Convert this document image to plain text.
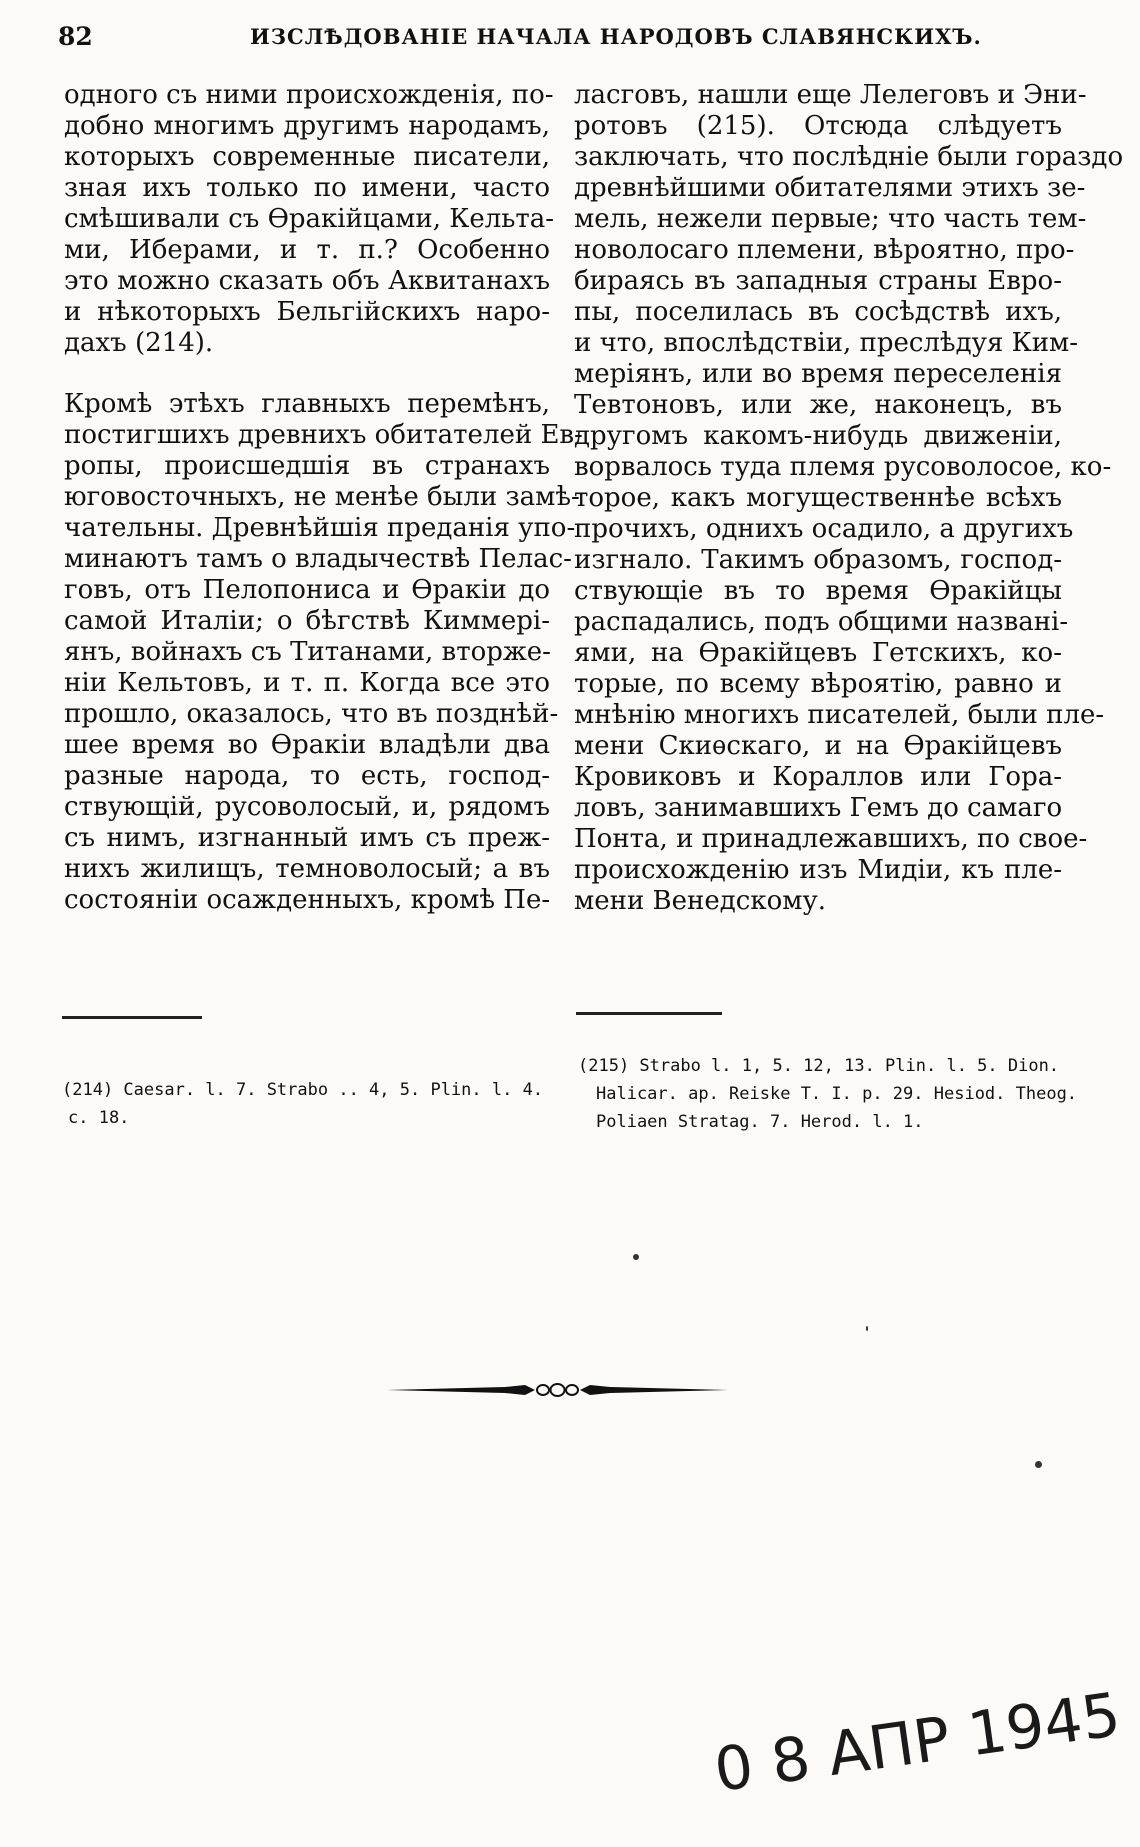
82	ИЗСЛѢДОВАНІЕ НАЧАЛА НАРОДОВЪ СЛАВЯНСКИХЪ.
одного съ ними происхожденія, по-
добно многимъ другимъ народамъ,
которыхъ современные писатели,
зная ихъ только по имени, часто
смѣшивали съ Ѳракійцами, Кельта-
ми, Иберами, и т. п.? Особенно
это можно сказать объ Аквитанахъ
и нѣкоторыхъ Бельгійскихъ наро-
дахъ (214).
Кромѣ этѣхъ главныхъ перемѣнъ,
постигшихъ древнихъ обитателей Ев-
ропы, происшедшія въ странахъ
юговосточныхъ, не менѣе были замѣ-
чательны. Древнѣйшія преданія упо-
минаютъ тамъ о владычествѣ Пелас-
говъ, отъ Пелопониса и Ѳракіи до
самой Италіи; о бѣгствѣ Киммері-
янъ, войнахъ съ Титанами, вторже-
ніи Кельтовъ, и т. п. Когда все это
прошло, оказалось, что въ позднѣй-
шее время во Ѳракіи владѣли два
разные народа, то есть, господ-
ствующій, русоволосый, и, рядомъ
съ нимъ, изгнанный имъ съ преж-
нихъ жилищъ, темноволосый; а въ
состояніи осажденныхъ, кромѣ Пе-
ласговъ, нашли еще Лелеговъ и Эни-
ротовъ (215). Отсюда слѣдуетъ
заключать, что послѣдніе были гораздо
древнѣйшими обитателями этихъ зе-
мель, нежели первые; что часть тем-
новолосаго племени, вѣроятно, про-
бираясь въ западныя страны Евро-
пы, поселилась въ сосѣдствѣ ихъ,
и что, впослѣдствіи, преслѣдуя Ким-
меріянъ, или во время переселенія
Тевтоновъ, или же, наконецъ, въ
другомъ какомъ-нибудь движеніи,
ворвалось туда племя русоволосое, ко-
торое, какъ могущественнѣе всѣхъ
прочихъ, однихъ осадило, а другихъ
изгнало. Такимъ образомъ, господ-
ствующіе въ то время Ѳракійцы
распадались, подъ общими названі-
ями, на Ѳракійцевъ Гетскихъ, ко-
торые, по всему вѣроятію, равно и
мнѣнію многихъ писателей, были пле-
мени Скиѳскаго, и на Ѳракійцевъ
Кровиковъ и Кораллов или Гора-
ловъ, занимавшихъ Гемъ до самаго
Понта, и принадлежавшихъ, по свое-
происхожденію изъ Мидіи, къ пле-
мени Венедскому.
(214) Caesar. l. 7. Strabo .. 4, 5. Plin. l. 4.
c. 18.
(215) Strabo l. 1, 5. 12, 13. Plin. l. 5. Dion.
Halicar. ap. Reiske T. I. p. 29. Hesiod. Theog.
Poliaen Stratag. 7. Herod. l. 1.
0 8 АПР 1945
